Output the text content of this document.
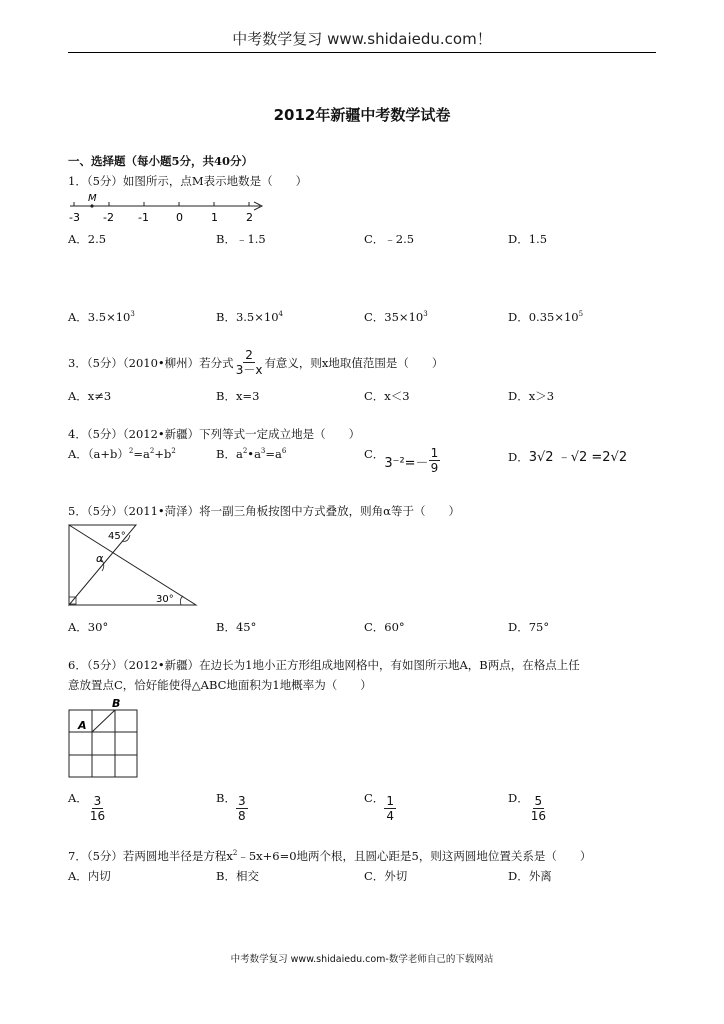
中考数学复习 www.shidaiedu.com！
2012年新疆中考数学试卷
一、选择题（每小题5分，共40分）
1．（5分）如图所示，点M表示地数是（　　）
M
-3 -2 -1 0	1	2
A．2.5	B．﹣1.5	C．﹣2.5	D．1.5
A．$3.5\times 10^3$	B．$3.5\times 10^4$	C．$35\times 10^3$	D．$0.35\times 10^5$
3．（5分）（2010•柳州）若分式 $\frac{2}{3-x}$ 有意义，则x地取值范围是（　　）
A．x≠3	B．x=3	C．x＜3	D．x＞3
4．（5分）（2012•新疆）下列等式一定成立地是（　　）
A．$(a+b)^2=a^2+b^2$	B．$a^2•a^3=a^6$	C．
$3^{-2}=- \frac{1}{9}$	D．3√2 ﹣√2 =2√2
5．（5分）（2011•菏泽）将一副三角板按图中方式叠放，则角α等于（　　）
45°
α
30°
A．30°	B．45°	C．60°	D．75°
6．（5分）（2012•新疆）在边长为1地小正方形组成地网格中，有如图所示地A，B两点，在格点上任
意放置点C，恰好能使得△ABC地面积为1地概率为（　　）
B
A
A． $\frac{3}{16}$	B． $\frac{3}{8}$	C． $\frac{1}{4}$	D． $\frac{5}{16}$
7．（5分）若两圆地半径是方程$x^2﹣5x+6=0$地两个根，且圆心距是5，则这两圆地位置关系是（　　）
A．内切	B．相交	C．外切	D．外离
中考数学复习 www.shidaiedu.com-数学老师自己的下载网站
